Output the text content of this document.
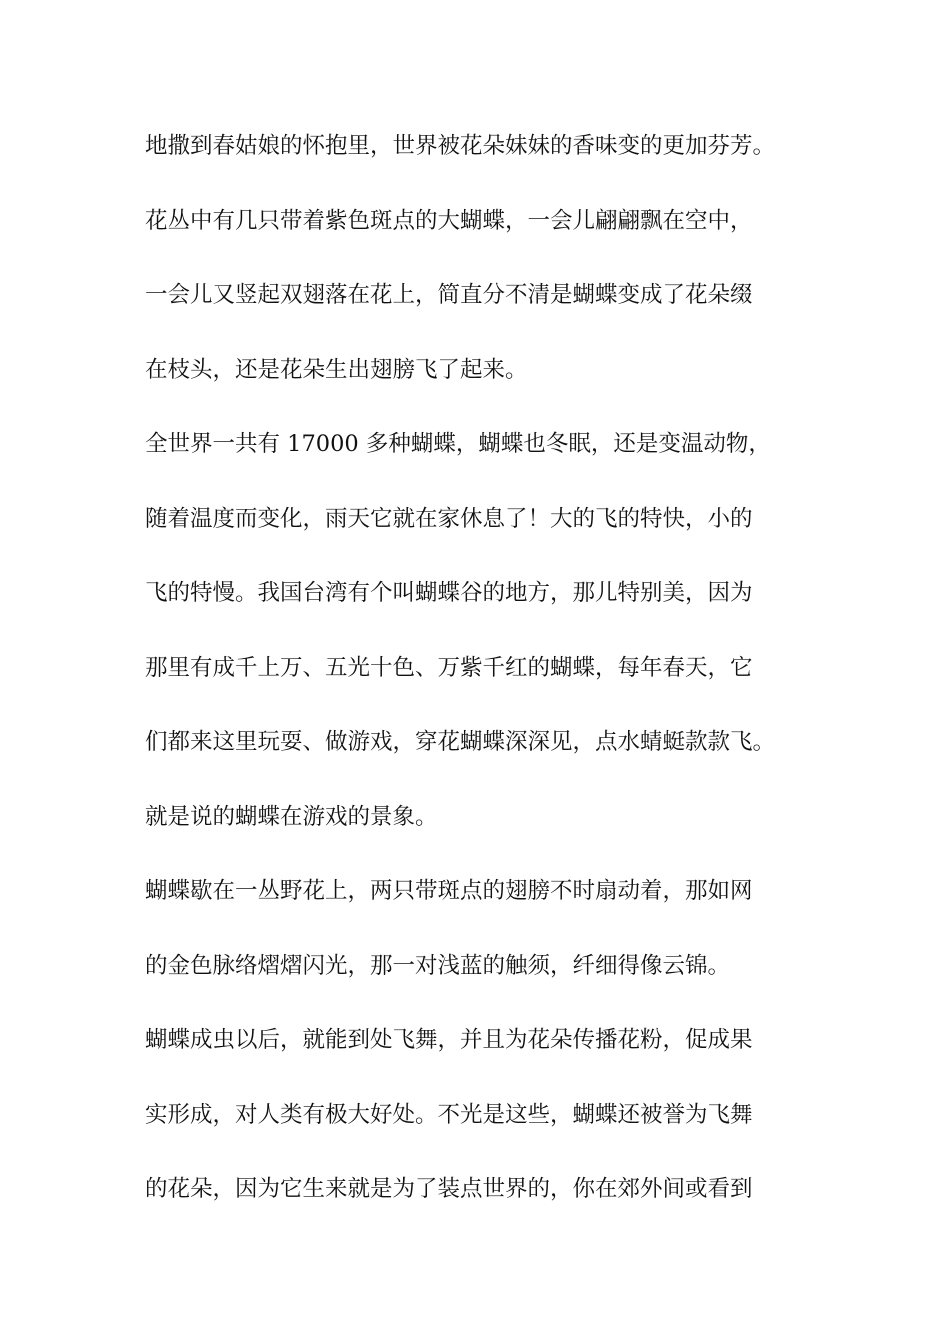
地撒到春姑娘的怀抱里，世界被花朵妹妹的香味变的更加芬芳。
花丛中有几只带着紫色斑点的大蝴蝶，一会儿翩翩飘在空中，
一会儿又竖起双翅落在花上，简直分不清是蝴蝶变成了花朵缀
在枝头，还是花朵生出翅膀飞了起来。
全世界一共有 17000 多种蝴蝶，蝴蝶也冬眠，还是变温动物，
随着温度而变化，雨天它就在家休息了！大的飞的特快，小的
飞的特慢。我国台湾有个叫蝴蝶谷的地方，那儿特别美，因为
那里有成千上万、五光十色、万紫千红的蝴蝶，每年春天，它
们都来这里玩耍、做游戏，穿花蝴蝶深深见，点水蜻蜓款款飞。
就是说的蝴蝶在游戏的景象。
蝴蝶歇在一丛野花上，两只带斑点的翅膀不时扇动着，那如网
的金色脉络熠熠闪光，那一对浅蓝的触须，纤细得像云锦。
蝴蝶成虫以后，就能到处飞舞，并且为花朵传播花粉，促成果
实形成，对人类有极大好处。不光是这些，蝴蝶还被誉为飞舞
的花朵，因为它生来就是为了装点世界的，你在郊外间或看到
